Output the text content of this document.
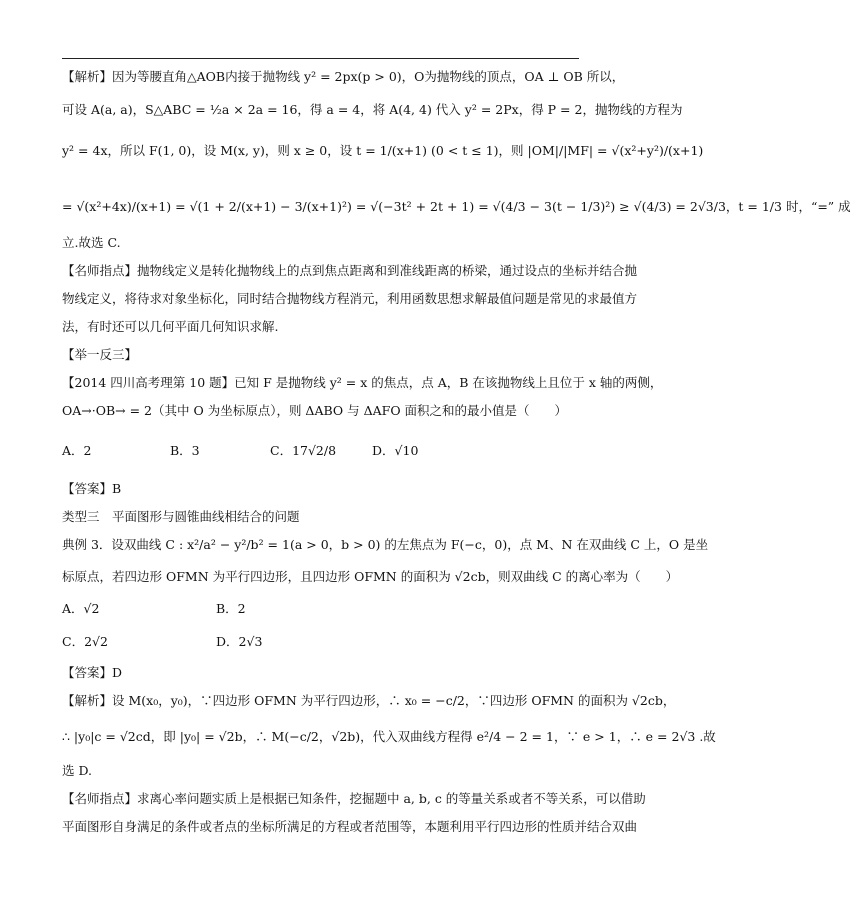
【解析】因为等腰直角△AOB内接于抛物线 y² = 2px(p > 0)，O为抛物线的顶点，OA ⊥ OB 所以，
可设 A(a, a)，S△ABC = ½a × 2a = 16，得 a = 4，将 A(4, 4) 代入 y² = 2Px，得 P = 2，抛物线的方程为
y² = 4x，所以 F(1, 0)，设 M(x, y)，则 x ≥ 0，设 t = 1/(x+1) (0 < t ≤ 1)，则 |OM|/|MF| = √(x²+y²)/(x+1)
= √(x²+4x)/(x+1) = √(1 + 2/(x+1) − 3/(x+1)²) = √(−3t² + 2t + 1) = √(4/3 − 3(t − 1/3)²) ≥ √(4/3) = 2√3/3，t = 1/3 时，“=” 成
立.故选 C.
【名师指点】抛物线定义是转化抛物线上的点到焦点距离和到准线距离的桥梁，通过设点的坐标并结合抛
物线定义，将待求对象坐标化，同时结合抛物线方程消元，利用函数思想求解最值问题是常见的求最值方
法，有时还可以几何平面几何知识求解.
【举一反三】
【2014 四川高考理第 10 题】已知 F 是抛物线 y² = x 的焦点，点 A，B 在该抛物线上且位于 x 轴的两侧，
OA→·OB→ = 2（其中 O 为坐标原点），则 ΔABO 与 ΔAFO 面积之和的最小值是（　　）
A．2	B．3	C．17√2/8	D．√10
【答案】B
类型三　平面图形与圆锥曲线相结合的问题
典例 3．设双曲线 C : x²/a² − y²/b² = 1(a > 0，b > 0) 的左焦点为 F(−c，0)，点 M、N 在双曲线 C 上，O 是坐
标原点，若四边形 OFMN 为平行四边形，且四边形 OFMN 的面积为 √2cb，则双曲线 C 的离心率为（　　）
A．√2	B．2
C．2√2	D．2√3
【答案】D
【解析】设 M(x₀，y₀)，∵四边形 OFMN 为平行四边形，∴ x₀ = −c/2，∵四边形 OFMN 的面积为 √2cb，
∴ |y₀|c = √2cd，即 |y₀| = √2b，∴ M(−c/2，√2b)，代入双曲线方程得 e²/4 − 2 = 1，∵ e > 1，∴ e = 2√3 .故
选 D.
【名师指点】求离心率问题实质上是根据已知条件，挖掘题中 a, b, c 的等量关系或者不等关系，可以借助
平面图形自身满足的条件或者点的坐标所满足的方程或者范围等，本题利用平行四边形的性质并结合双曲
